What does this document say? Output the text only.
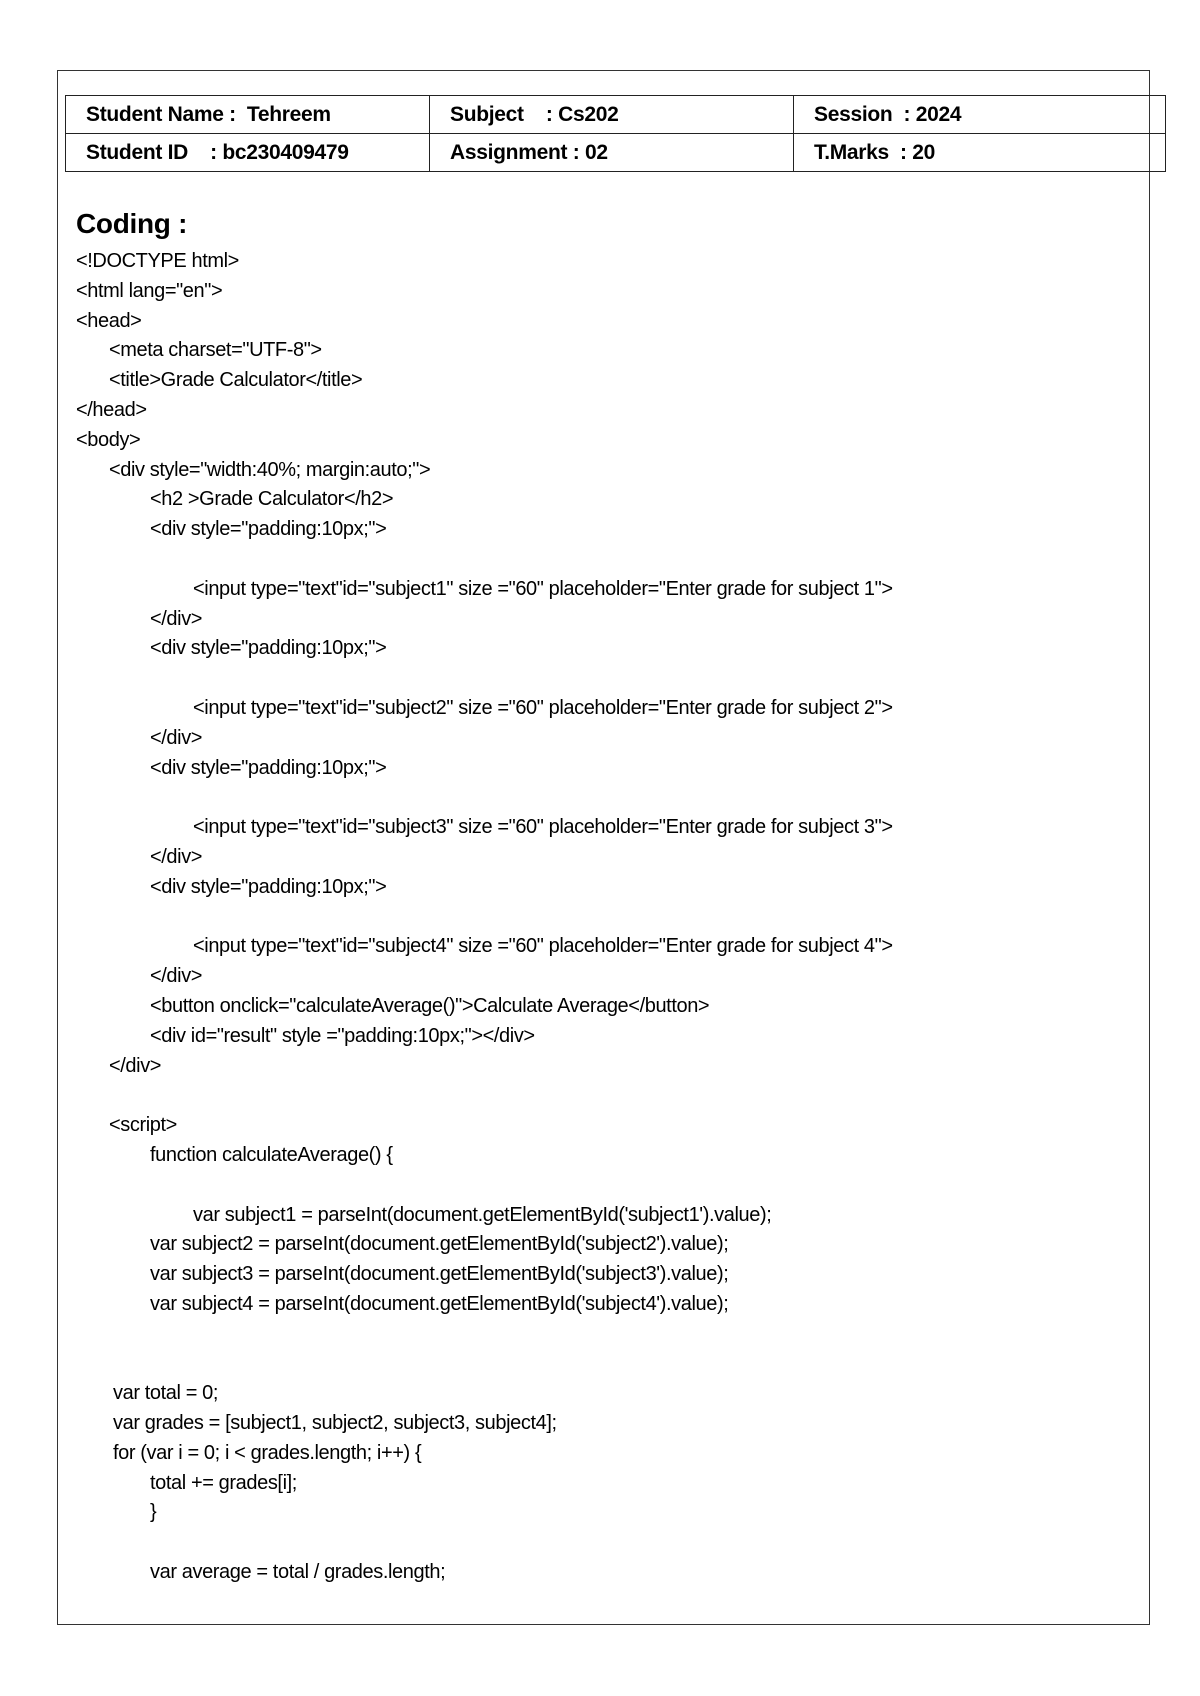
Student Name :  Tehreem	Subject    : Cs202	Session  : 2024
Student ID    : bc230409479	Assignment : 02	T.Marks  : 20
Coding :
<!DOCTYPE html>
<html lang="en">
<head>
<meta charset="UTF-8">
<title>Grade Calculator</title>
</head>
<body>
<div style="width:40%; margin:auto;">
<h2 >Grade Calculator</h2>
<div style="padding:10px;">
<input type="text"id="subject1" size ="60" placeholder="Enter grade for subject 1">
</div>
<div style="padding:10px;">
<input type="text"id="subject2" size ="60" placeholder="Enter grade for subject 2">
</div>
<div style="padding:10px;">
<input type="text"id="subject3" size ="60" placeholder="Enter grade for subject 3">
</div>
<div style="padding:10px;">
<input type="text"id="subject4" size ="60" placeholder="Enter grade for subject 4">
</div>
<button onclick="calculateAverage()">Calculate Average</button>
<div id="result" style ="padding:10px;"></div>
</div>
<script>
function calculateAverage() {
var subject1 = parseInt(document.getElementById('subject1').value);
var subject2 = parseInt(document.getElementById('subject2').value);
var subject3 = parseInt(document.getElementById('subject3').value);
var subject4 = parseInt(document.getElementById('subject4').value);
var total = 0;
var grades = [subject1, subject2, subject3, subject4];
for (var i = 0; i < grades.length; i++) {
total += grades[i];
}
var average = total / grades.length;
